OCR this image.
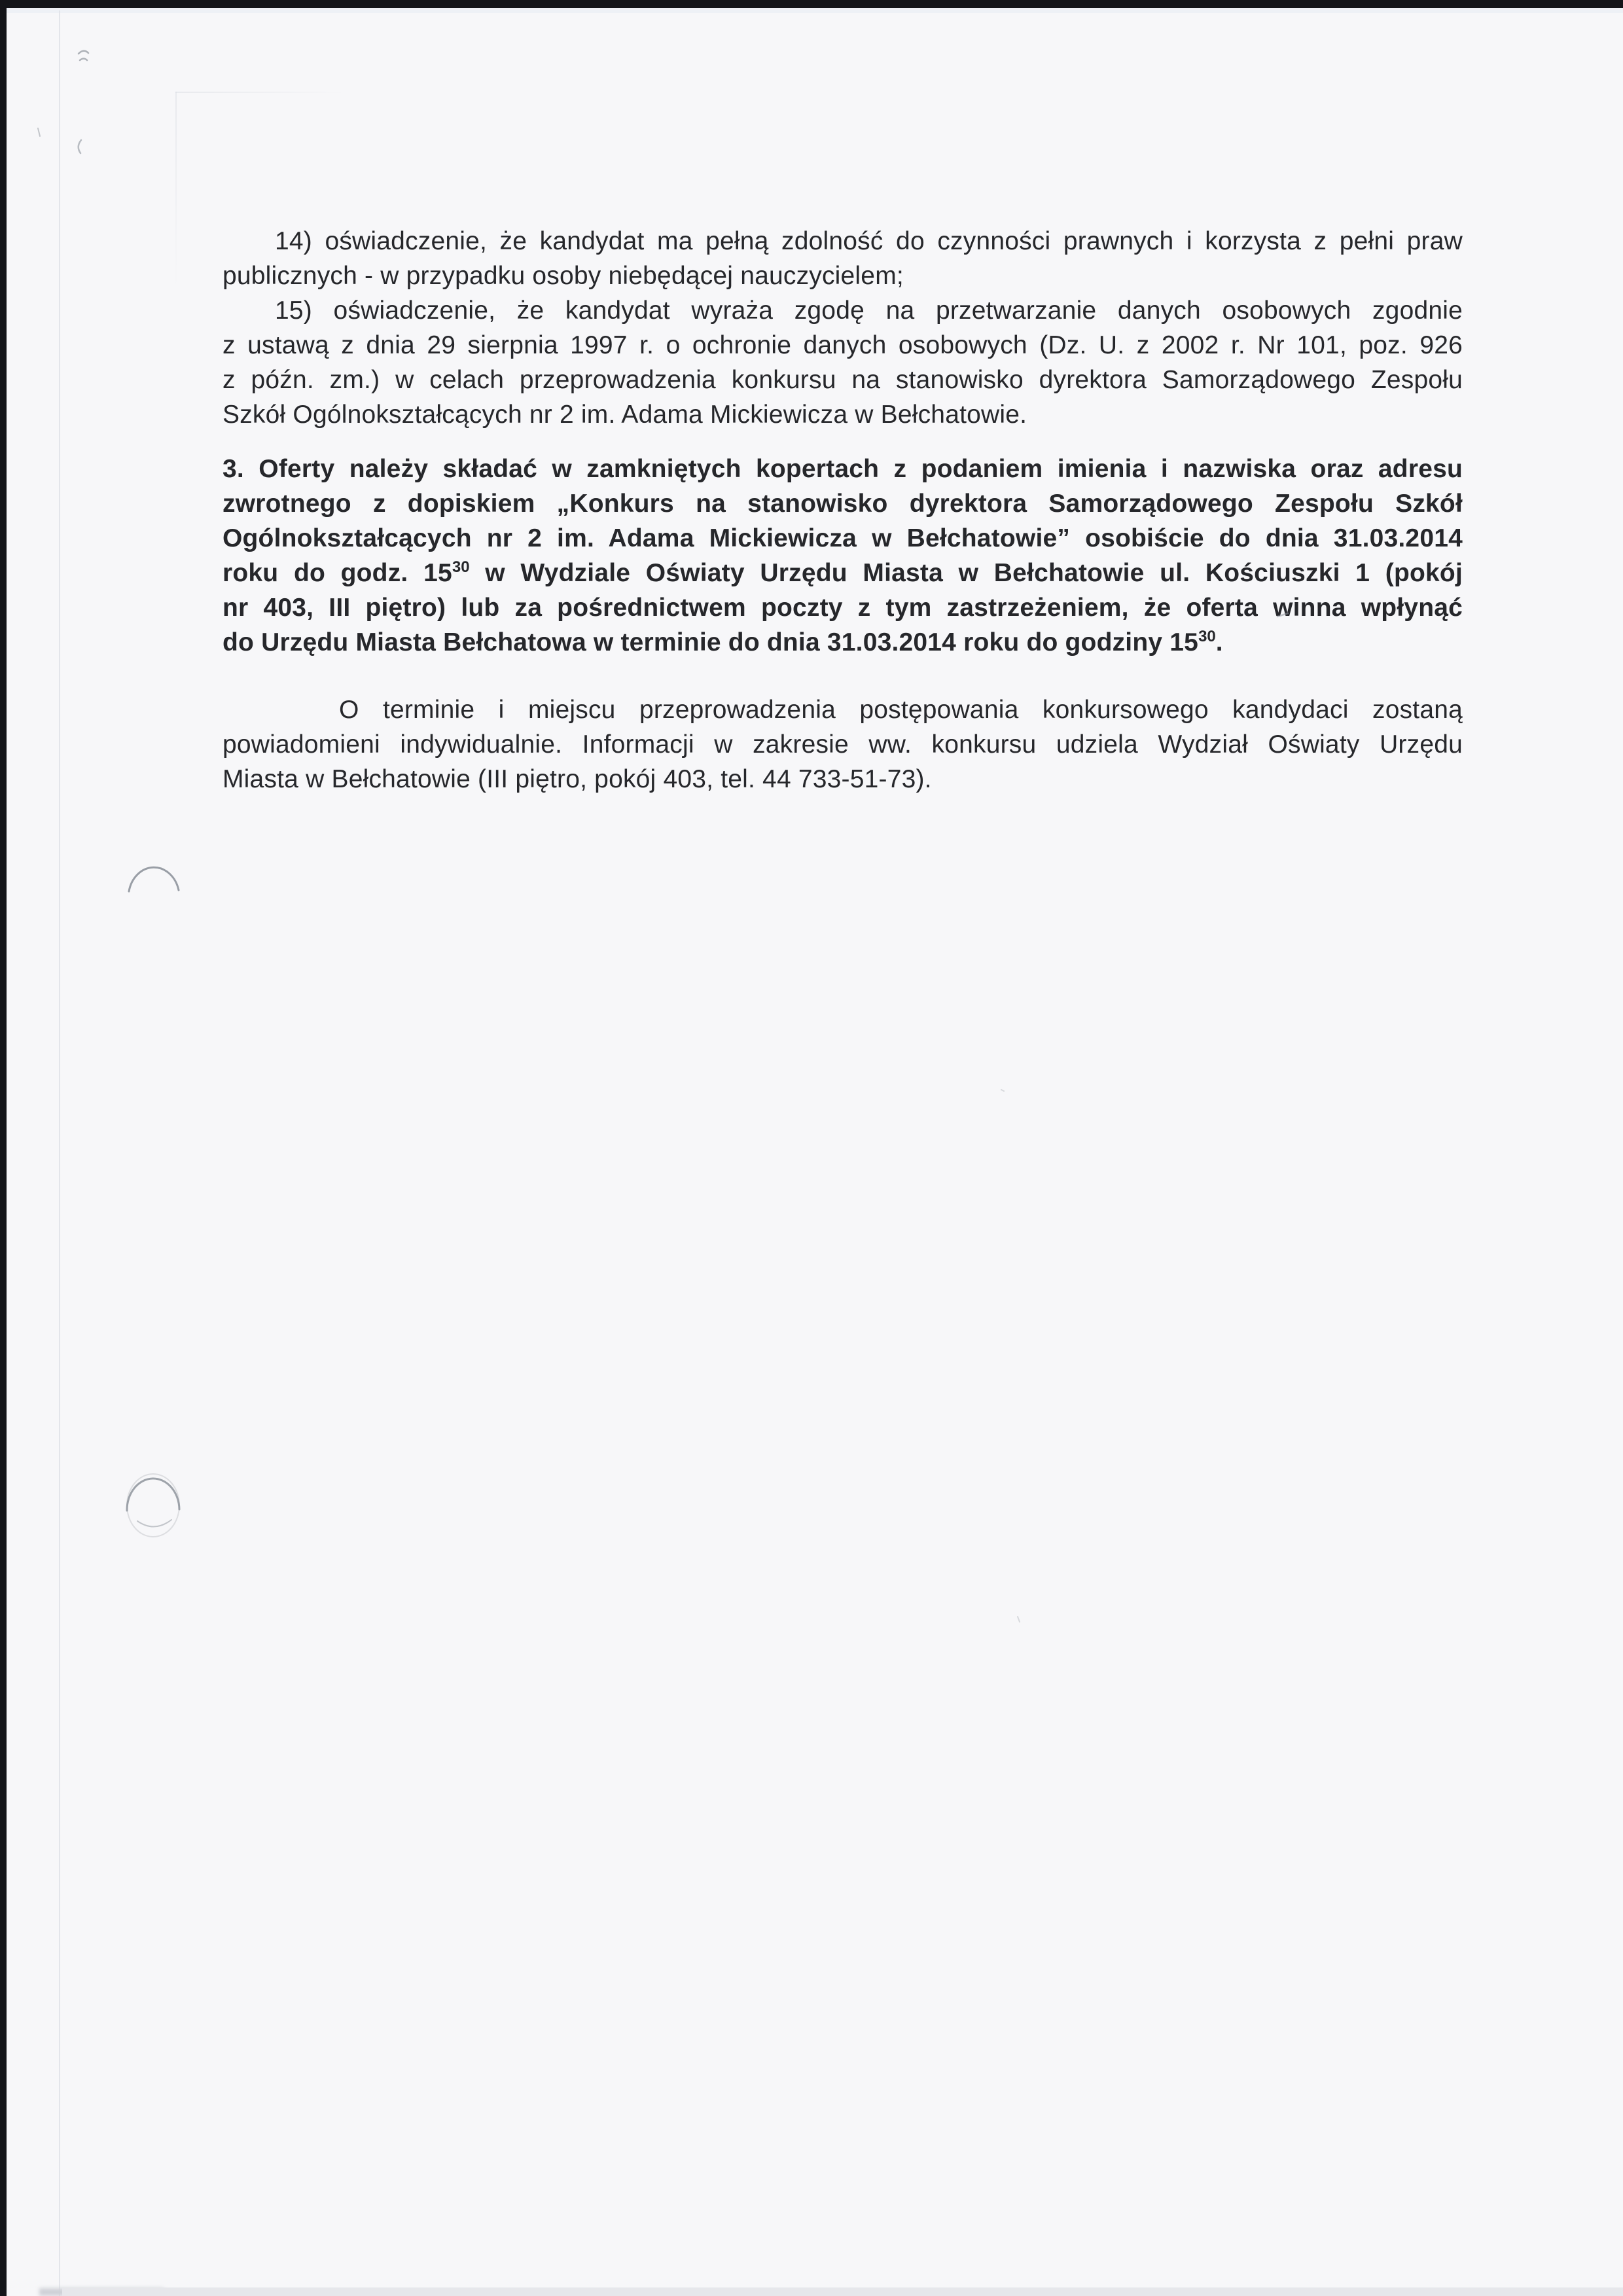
14) oświadczenie, że kandydat ma pełną zdolność do czynności prawnych i korzysta z pełni praw
publicznych - w przypadku osoby niebędącej nauczycielem;
15) oświadczenie, że kandydat wyraża zgodę na przetwarzanie danych osobowych zgodnie
z ustawą z dnia 29 sierpnia 1997 r. o ochronie danych osobowych (Dz. U. z 2002 r. Nr 101, poz. 926
z późn. zm.) w celach przeprowadzenia konkursu na stanowisko dyrektora Samorządowego Zespołu
Szkół Ogólnokształcących nr 2 im. Adama Mickiewicza w Bełchatowie.
3. Oferty należy składać w zamkniętych kopertach z podaniem imienia i nazwiska oraz adresu
zwrotnego z dopiskiem „Konkurs na stanowisko dyrektora Samorządowego Zespołu Szkół
Ogólnokształcących nr 2 im. Adama Mickiewicza w Bełchatowie” osobiście do dnia 31.03.2014
roku do godz. $15^{30}$ w Wydziale Oświaty Urzędu Miasta w Bełchatowie ul. Kościuszki 1 (pokój
nr 403, III piętro) lub za pośrednictwem poczty z tym zastrzeżeniem, że oferta winna wpłynąć
do Urzędu Miasta Bełchatowa w terminie do dnia 31.03.2014 roku do godziny $15^{30}$.
O terminie i miejscu przeprowadzenia postępowania konkursowego kandydaci zostaną
powiadomieni indywidualnie. Informacji w zakresie ww. konkursu udziela Wydział Oświaty Urzędu
Miasta w Bełchatowie (III piętro, pokój 403, tel. 44 733-51-73).
